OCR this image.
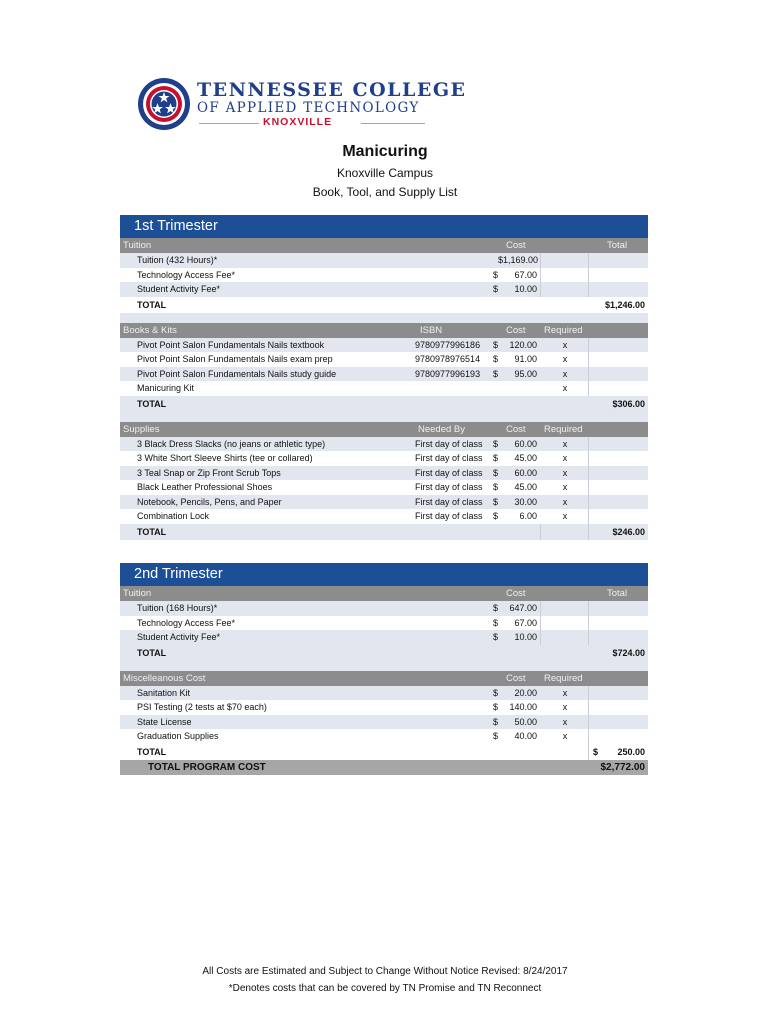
TENNESSEE COLLEGE
OF APPLIED TECHNOLOGY
KNOXVILLE
Manicuring
Knoxville Campus
Book, Tool, and Supply List
1st Trimester
Tuition	Cost	Total
Tuition (432 Hours)*	$1,169.00
Technology Access Fee*	$	67.00
Student Activity Fee*	$	10.00
TOTAL	$1,246.00
Books & Kits	ISBN	Cost Required
Pivot Point Salon Fundamentals Nails textbook	9780977996186 $	120.00	x
Pivot Point Salon Fundamentals Nails exam prep	9780978976514 $	91.00	x
Pivot Point Salon Fundamentals Nails study guide	9780977996193 $	95.00	x
Manicuring Kit	x
TOTAL	$306.00
Supplies	Needed By	Cost Required
3 Black Dress Slacks (no jeans or athletic type)	First day of class $	60.00	x
3 White Short Sleeve Shirts (tee or collared)	First day of class $	45.00	x
3 Teal Snap or Zip Front Scrub Tops	First day of class $	60.00	x
Black Leather Professional Shoes	First day of class $	45.00	x
Notebook, Pencils, Pens, and Paper	First day of class $	30.00	x
Combination Lock	First day of class $	6.00	x
TOTAL	$246.00
2nd Trimester
Tuition	Cost	Total
Tuition (168 Hours)*	$	647.00
Technology Access Fee*	$	67.00
Student Activity Fee*	$	10.00
TOTAL	$724.00
Miscelleanous Cost	Cost Required
Sanitation Kit	$	20.00	x
PSI Testing (2 tests at $70 each)	$	140.00	x
State License	$	50.00	x
Graduation Supplies	$	40.00	x
TOTAL	$	250.00
TOTAL PROGRAM COST	$2,772.00
All Costs are Estimated and Subject to Change Without Notice Revised: 8/24/2017
*Denotes costs that can be covered by TN Promise and TN Reconnect
